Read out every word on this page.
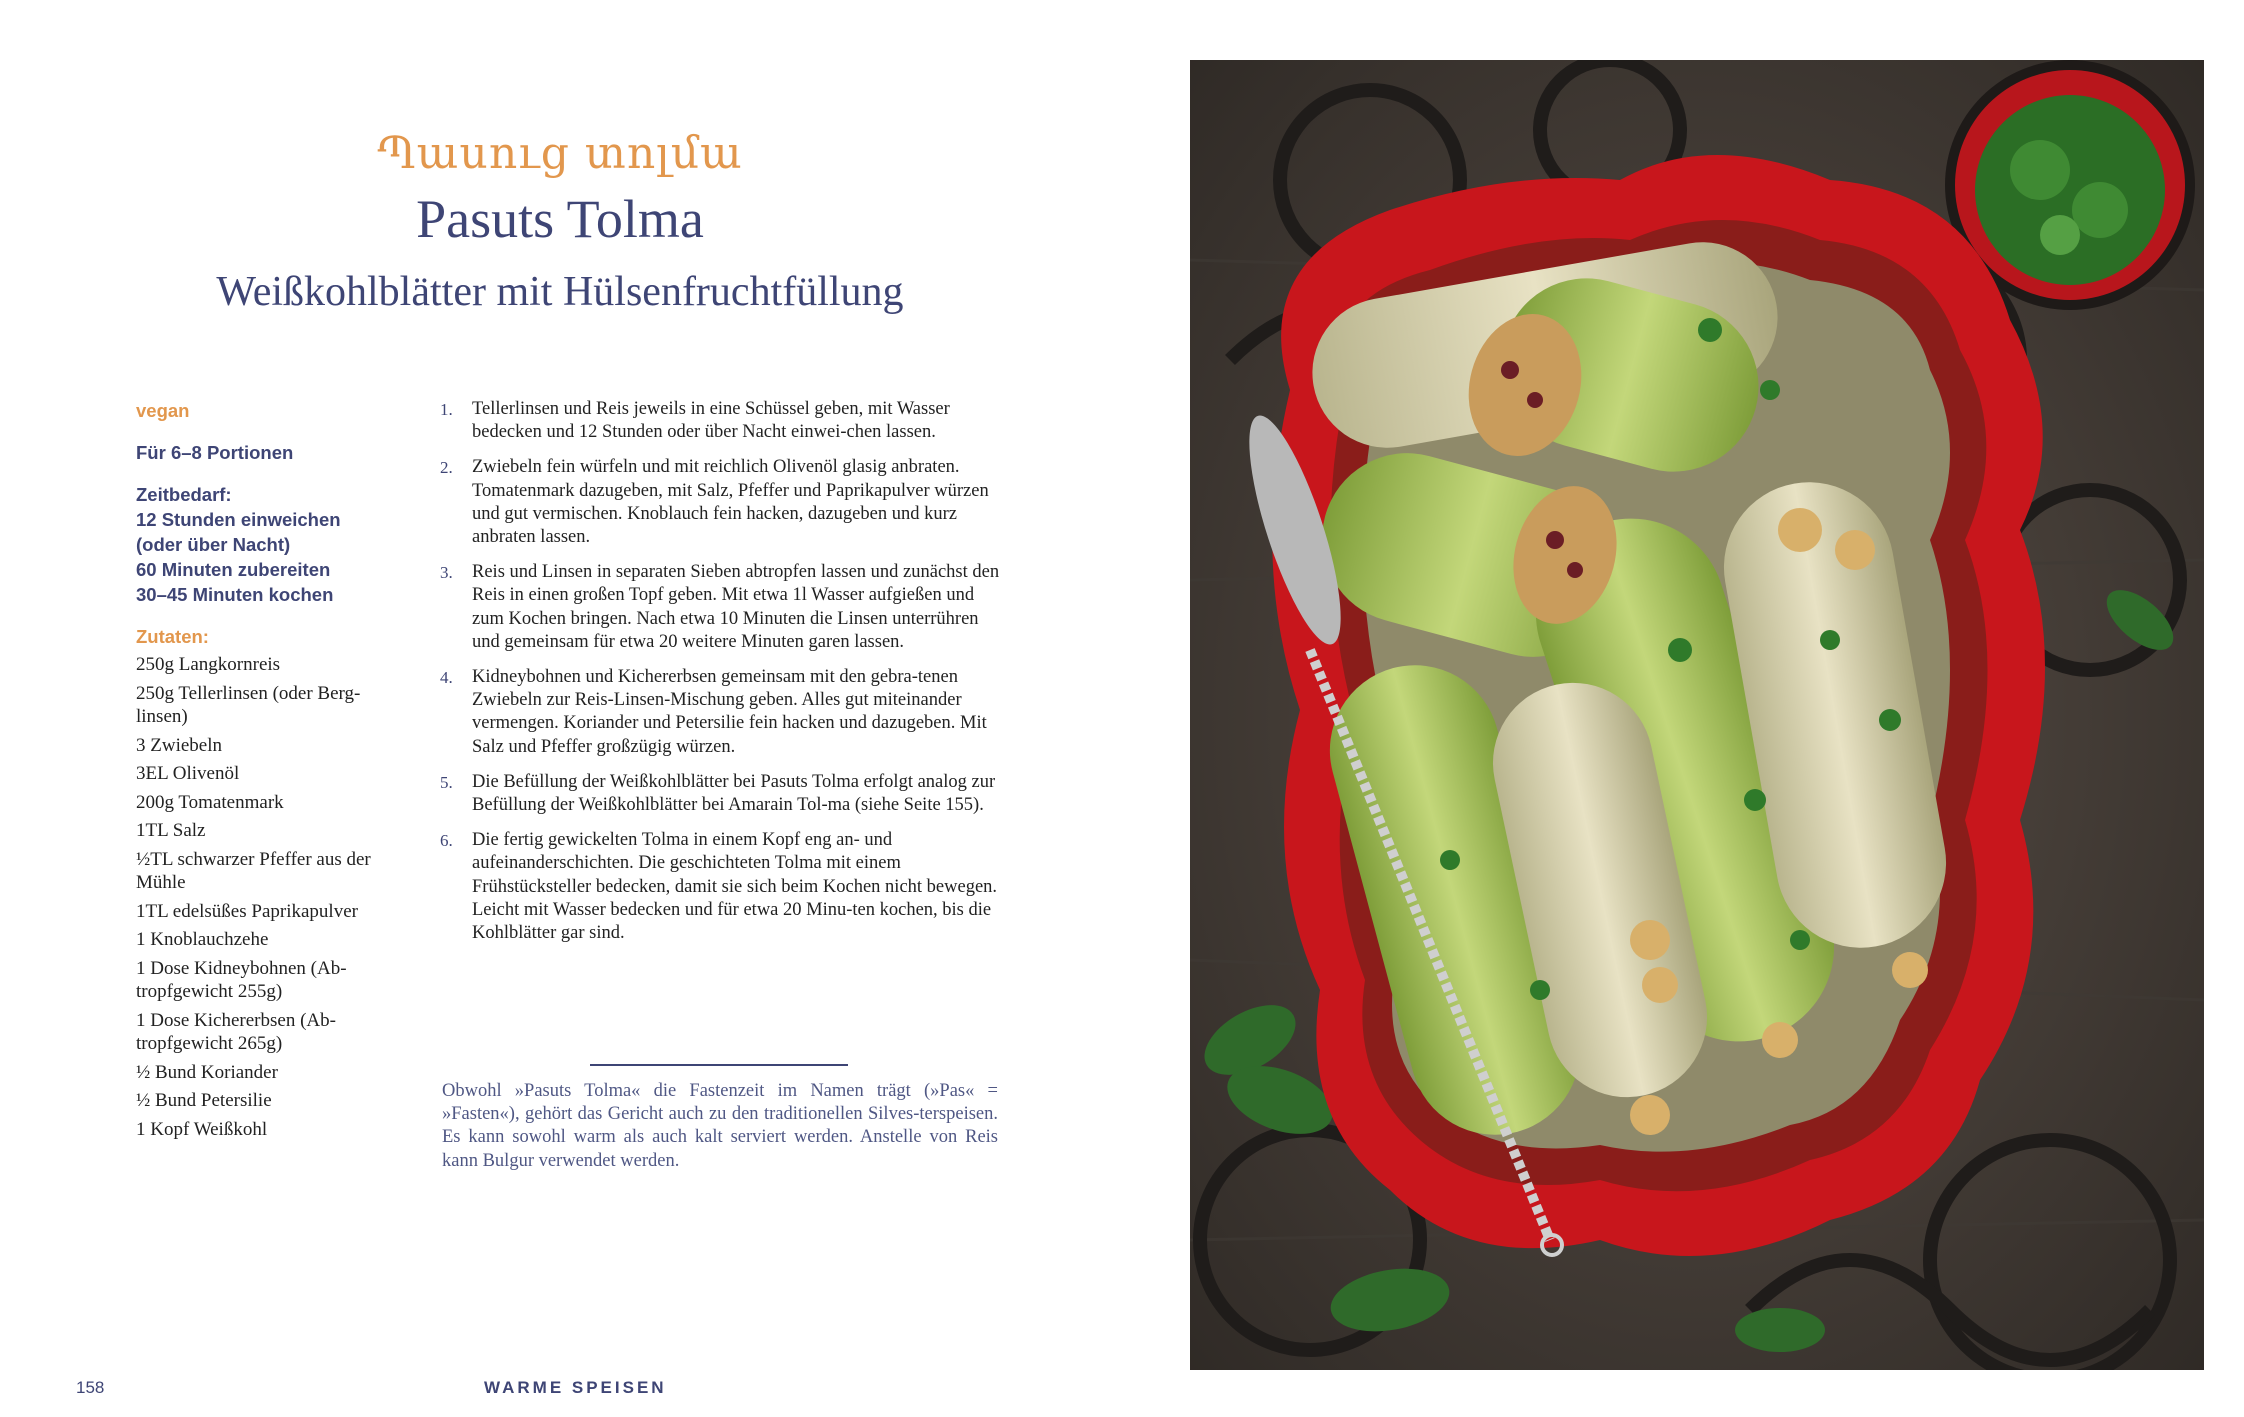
Պասուց տոլմա
Pasuts Tolma
Weißkohlblätter mit Hülsenfruchtfüllung
vegan
Für 6–8 Portionen
Zeitbedarf:
12 Stunden einweichen
(oder über Nacht)
60 Minuten zubereiten
30–45 Minuten kochen
Zutaten:
250g Langkornreis
250g Tellerlinsen (oder Berg-linsen)
3 Zwiebeln
3EL Olivenöl
200g Tomatenmark
1TL Salz
½TL schwarzer Pfeffer aus der Mühle
1TL edelsüßes Paprikapulver
1 Knoblauchzehe
1 Dose Kidneybohnen (Ab-tropfgewicht 255g)
1 Dose Kichererbsen (Ab-tropfgewicht 265g)
½ Bund Koriander
½ Bund Petersilie
1 Kopf Weißkohl
1.	Tellerlinsen und Reis jeweils in eine Schüssel geben, mit Wasser bedecken und 12 Stunden oder über Nacht einwei-chen lassen.
2.	Zwiebeln fein würfeln und mit reichlich Olivenöl glasig anbraten. Tomatenmark dazugeben, mit Salz, Pfeffer und Paprikapulver würzen und gut vermischen. Knoblauch fein hacken, dazugeben und kurz anbraten lassen.
3.	Reis und Linsen in separaten Sieben abtropfen lassen und zunächst den Reis in einen großen Topf geben. Mit etwa 1l Wasser aufgießen und zum Kochen bringen. Nach etwa 10 Minuten die Linsen unterrühren und gemeinsam für etwa 20 weitere Minuten garen lassen.
4.	Kidneybohnen und Kichererbsen gemeinsam mit den gebra-tenen Zwiebeln zur Reis-Linsen-Mischung geben. Alles gut miteinander vermengen. Koriander und Petersilie fein hacken und dazugeben. Mit Salz und Pfeffer großzügig würzen.
5.	Die Befüllung der Weißkohlblätter bei Pasuts Tolma erfolgt analog zur Befüllung der Weißkohlblätter bei Amarain Tol-ma (siehe Seite 155).
6.	Die fertig gewickelten Tolma in einem Kopf eng an- und aufeinanderschichten. Die geschichteten Tolma mit einem Frühstücksteller bedecken, damit sie sich beim Kochen nicht bewegen. Leicht mit Wasser bedecken und für etwa 20 Minu-ten kochen, bis die Kohlblätter gar sind.
Obwohl »Pasuts Tolma« die Fastenzeit im Namen trägt (»Pas« = »Fasten«), gehört das Gericht auch zu den traditionellen Silves-terspeisen. Es kann sowohl warm als auch kalt serviert werden. Anstelle von Reis kann Bulgur verwendet werden.
158	WARME SPEISEN
